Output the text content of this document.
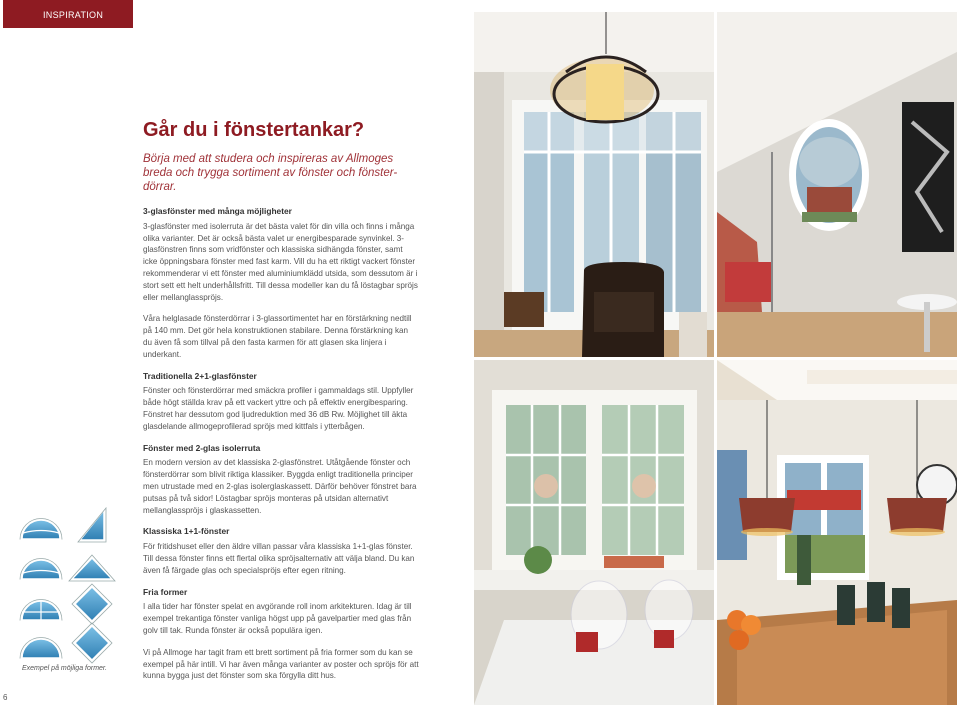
INSPIRATION
Går du i fönstertankar?

Börja med att studera och inspireras av Allmoges breda och trygga sortiment av fönster och fönster-dörrar.

3-glasfönster med många möjligheter

3-glasfönster med isolerruta är det bästa valet för din villa och finns i många olika varianter. Det är också bästa valet ur energibesparade synvinkel. 3-glasfönstren finns som vridfönster och klassiska sidhängda fönster, samt icke öppningsbara fönster med fast karm. Vill du ha ett riktigt vackert fönster rekommenderar vi ett fönster med aluminiumklädd utsida, som dessutom är i stort sett ett helt underhållsfritt. Till dessa modeller kan du få löstagbar spröjs eller mellanglasspröjs.

Våra helglasade fönsterdörrar i 3-glassortimentet har en förstärkning nedtill på 140 mm. Det gör hela konstruktionen stabilare. Denna förstärkning kan du även få som tillval på den fasta karmen för att glasen ska linjera i underkant.

Traditionella 2+1-glasfönster

Fönster och fönsterdörrar med smäckra profiler i gammaldags stil. Uppfyller både högt ställda krav på ett vackert yttre och på effektiv energibesparing. Fönstret har dessutom god ljudreduktion med 36 dB Rw. Möjlighet till äkta glasdelande allmogeprofilerad spröjs med kittfals i ytterbågen.

Fönster med 2-glas isolerruta

En modern version av det klassiska 2-glasfönstret. Utåtgående fönster och fönsterdörrar som blivit riktiga klassiker. Byggda enligt traditionella principer men utrustade med en 2-glas isolerglaskassett. Därför behöver fönstret bara putsas på två sidor! Löstagbar spröjs monteras på utsidan alternativt mellanglasspröjs i glaskassetten.

Klassiska 1+1-fönster

För fritidshuset eller den äldre villan passar våra klassiska 1+1-glas fönster. Till dessa fönster finns ett flertal olika spröjsalternativ att välja bland. Du kan även få färgade glas och specialspröjs efter egen ritning.

Fria former

I alla tider har fönster spelat en avgörande roll inom arkitekturen. Idag är till exempel trekantiga fönster vanliga högst upp på gavelpartier med glas från golv till tak. Runda fönster är också populära igen.

Vi på Allmoge har tagit fram ett brett sortiment på fria former som du kan se exempel på här intill. Vi har även många varianter av poster och spröjs för att kunna bygga just det fönster som ska förgylla ditt hus.

Exempel på möjliga former.
6
